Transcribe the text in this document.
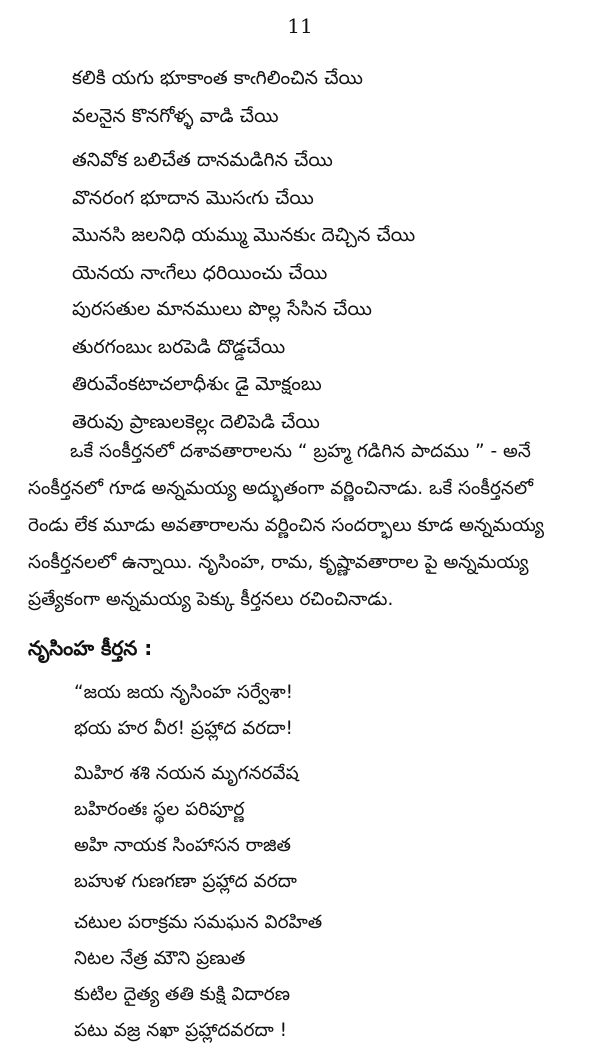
11
కలికి యగు భూకాంత కాఁగిలించిన చేయి
వలనైన కొనగోళ్ళ వాడి చేయి
తనివోక బలిచేత దానమడిగిన చేయి
వొనరంగ భూదాన మొసఁగు చేయి
మొనసి జలనిధి యమ్ము మొనకుఁ దెచ్చిన చేయి
యెనయ నాఁగేలు ధరియించు చేయి
పురసతుల మానములు పొల్ల సేసిన చేయి
తురగంబుఁ బరపెడి దొడ్డచేయి
తిరువేంకటాచలాధీశుఁ డై మోక్షంబు
తెరువు ప్రాణులకెల్లఁ దెలిపెడి చేయి
ఒకే సంకీర్తనలో దశావతారాలను “ బ్రహ్మ గడిగిన పాదము ” - అనే
సంకీర్తనలో గూడ అన్నమయ్య అద్భుతంగా వర్ణించినాడు. ఒకే సంకీర్తనలో
రెండు లేక మూడు అవతారాలను వర్ణించిన సందర్భాలు కూడ అన్నమయ్య
సంకీర్తనలలో ఉన్నాయి. నృసింహ, రామ, కృష్ణావతారాల పై అన్నమయ్య
ప్రత్యేకంగా అన్నమయ్య పెక్కు కీర్తనలు రచించినాడు.
నృసింహ కీర్తన :
“జయ జయ నృసింహ సర్వేశా!
భయ హర వీర! ప్రహ్లాద వరదా!
మిహిర శశి నయన మృగనరవేష
బహిరంతః స్థల పరిపూర్ణ
అహి నాయక సింహాసన రాజిత
బహుళ గుణగణా ప్రహ్లాద వరదా
చటుల పరాక్రమ సమఘన విరహిత
నిటల నేత్ర మౌని ప్రణుత
కుటిల దైత్య తతి కుక్షి విదారణ
పటు వజ్ర నఖా ప్రహ్లాదవరదా !
